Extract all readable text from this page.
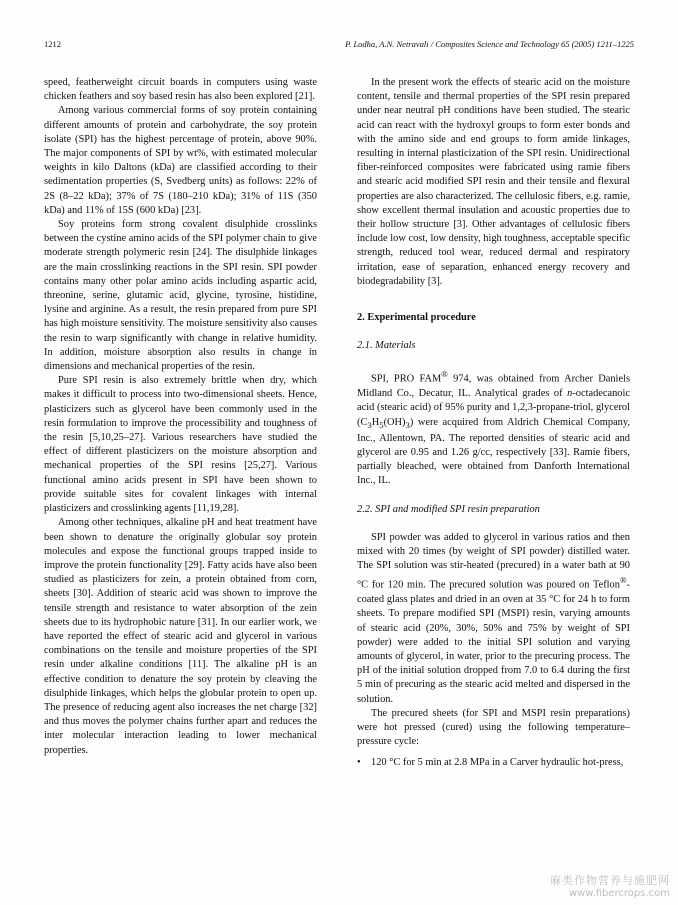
1212	P. Lodha, A.N. Netravali / Composites Science and Technology 65 (2005) 1211–1225

speed, featherweight circuit boards in computers using waste chicken feathers and soy based resin has also been explored [21].

Among various commercial forms of soy protein containing different amounts of protein and carbohydrate, the soy protein isolate (SPI) has the highest percentage of protein, above 90%. The major components of SPI by wt%, with estimated molecular weights in kilo Daltons (kDa) are classified according to their sedimentation properties (S, Svedberg units) as follows: 22% of 2S (8–22 kDa); 37% of 7S (180–210 kDa); 31% of 11S (350 kDa) and 11% of 15S (600 kDa) [23].

Soy proteins form strong covalent disulphide crosslinks between the cystine amino acids of the SPI polymer chain to give moderate strength polymeric resin [24]. The disulphide linkages are the main crosslinking reactions in the SPI resin. SPI powder contains many other polar amino acids including aspartic acid, threonine, serine, glutamic acid, glycine, tyrosine, histidine, lysine and arginine. As a result, the resin prepared from pure SPI has high moisture sensitivity. The moisture sensitivity also causes the resin to warp significantly with change in relative humidity. In addition, moisture absorption also results in change in dimensions and mechanical properties of the resin.

Pure SPI resin is also extremely brittle when dry, which makes it difficult to process into two-dimensional sheets. Hence, plasticizers such as glycerol have been commonly used in the resin formulation to improve the processibility and toughness of the resin [5,10,25–27]. Various researchers have studied the effect of different plasticizers on the moisture absorption and mechanical properties of the SPI resins [25,27]. Various functional amino acids present in SPI have been shown to provide suitable sites for covalent linkages with internal plasticizers and crosslinking agents [11,19,28].

Among other techniques, alkaline pH and heat treatment have been shown to denature the originally globular soy protein molecules and expose the functional groups trapped inside to improve the protein functionality [29]. Fatty acids have also been studied as plasticizers for zein, a protein obtained from corn, sheets [30]. Addition of stearic acid was shown to improve the tensile strength and resistance to water absorption of the zein sheets due to its hydrophobic nature [31]. In our earlier work, we have reported the effect of stearic acid and glycerol in various combinations on the tensile and moisture properties of the SPI resin under alkaline conditions [11]. The alkaline pH is an effective condition to denature the soy protein by cleaving the disulphide linkages, which helps the globular protein to open up. The presence of reducing agent also increases the net charge [32] and thus moves the polymer chains further apart and reduces the inter molecular interaction leading to lower mechanical properties.

In the present work the effects of stearic acid on the moisture content, tensile and thermal properties of the SPI resin prepared under near neutral pH conditions have been studied. The stearic acid can react with the hydroxyl groups to form ester bonds and with the amino side and end groups to form amide linkages, resulting in internal plasticization of the SPI resin. Unidirectional fiber-reinforced composites were fabricated using ramie fibers and stearic acid modified SPI resin and their tensile and flexural properties are also characterized. The cellulosic fibers, e.g. ramie, show excellent thermal insulation and acoustic properties due to their hollow structure [3]. Other advantages of cellulosic fibers include low cost, low density, high toughness, acceptable specific strength, reduced tool wear, reduced dermal and respiratory irritation, ease of separation, enhanced energy recovery and biodegradability [3].

2. Experimental procedure
2.1. Materials

SPI, PRO FAM® 974, was obtained from Archer Daniels Midland Co., Decatur, IL. Analytical grades of n-octadecanoic acid (stearic acid) of 95% purity and 1,2,3-propane-triol, glycerol $(C_3H_5(OH)_3)$ were acquired from Aldrich Chemical Company, Inc., Allentown, PA. The reported densities of stearic acid and glycerol are 0.95 and 1.26 g/cc, respectively [33]. Ramie fibers, partially bleached, were obtained from Danforth International Inc., IL.

2.2. SPI and modified SPI resin preparation

SPI powder was added to glycerol in various ratios and then mixed with 20 times (by weight of SPI powder) distilled water. The SPI solution was stir-heated (precured) in a water bath at 90 °C for 120 min. The precured solution was poured on Teflon®-coated glass plates and dried in an oven at 35 °C for 24 h to form sheets. To prepare modified SPI (MSPI) resin, varying amounts of stearic acid (20%, 30%, 50% and 75% by weight of SPI powder) were added to the initial SPI solution and varying amounts of glycerol, in water, prior to the precuring process. The pH of the initial solution dropped from 7.0 to 6.4 during the first 5 min of precuring as the stearic acid melted and dispersed in the solution.

The precured sheets (for SPI and MSPI resin preparations) were hot pressed (cured) using the following temperature–pressure cycle:

• 120 °C for 5 min at 2.8 MPa in a Carver hydraulic hot-press,
麻类作物营养与施肥网
www.fibercrops.com
